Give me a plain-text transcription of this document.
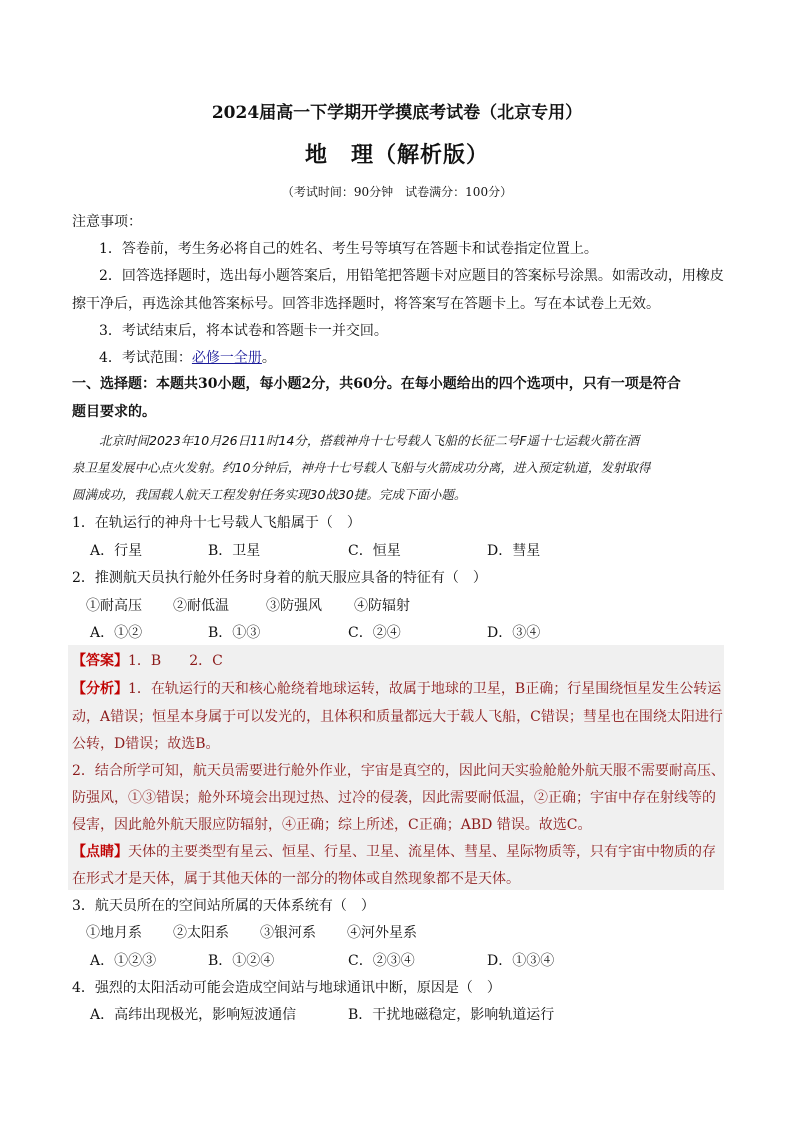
2024届高一下学期开学摸底考试卷（北京专用）
地　理（解析版）
（考试时间：90分钟　试卷满分：100分）
注意事项：
1．答卷前，考生务必将自己的姓名、考生号等填写在答题卡和试卷指定位置上。
2．回答选择题时，选出每小题答案后，用铅笔把答题卡对应题目的答案标号涂黑。如需改动，用橡皮
擦干净后，再选涂其他答案标号。回答非选择题时，将答案写在答题卡上。写在本试卷上无效。
3．考试结束后，将本试卷和答题卡一并交回。
4．考试范围：必修一全册。
一、选择题：本题共30小题，每小题2分，共60分。在每小题给出的四个选项中，只有一项是符合
题目要求的。
北京时间2023年10月26日11时14分，搭载神舟十七号载人飞船的长征二号F遥十七运载火箭在酒
泉卫星发展中心点火发射。约10分钟后，神舟十七号载人飞船与火箭成功分离，进入预定轨道，发射取得
圆满成功，我国载人航天工程发射任务实现30战30捷。完成下面小题。
1．在轨运行的神舟十七号载人飞船属于（　）
A．行星	B．卫星	C．恒星	D．彗星
2．推测航天员执行舱外任务时身着的航天服应具备的特征有（　）
①耐高压 ②耐低温	③防强风 ④防辐射
A．①②	B．①③	C．②④	D．③④
【答案】1．B　　2．C
【分析】1．在轨运行的天和核心舱绕着地球运转，故属于地球的卫星，B正确；行星围绕恒星发生公转运
动，A错误；恒星本身属于可以发光的，且体积和质量都远大于载人飞船，C错误；彗星也在围绕太阳进行
公转，D错误；故选B。
2．结合所学可知，航天员需要进行舱外作业，宇宙是真空的，因此问天实验舱舱外航天服不需要耐高压、
防强风，①③错误；舱外环境会出现过热、过冷的侵袭，因此需要耐低温，②正确；宇宙中存在射线等的
侵害，因此舱外航天服应防辐射，④正确；综上所述，C正确；ABD 错误。故选C。
【点睛】天体的主要类型有星云、恒星、行星、卫星、流星体、彗星、星际物质等，只有宇宙中物质的存
在形式才是天体，属于其他天体的一部分的物体或自然现象都不是天体。
3．航天员所在的空间站所属的天体系统有（　）
①地月系 ②太阳系 ③银河系 ④河外星系
A．①②③	B．①②④	C．②③④	D．①③④
4．强烈的太阳活动可能会造成空间站与地球通讯中断，原因是（　）
A．高纬出现极光，影响短波通信	B．干扰地磁稳定，影响轨道运行
